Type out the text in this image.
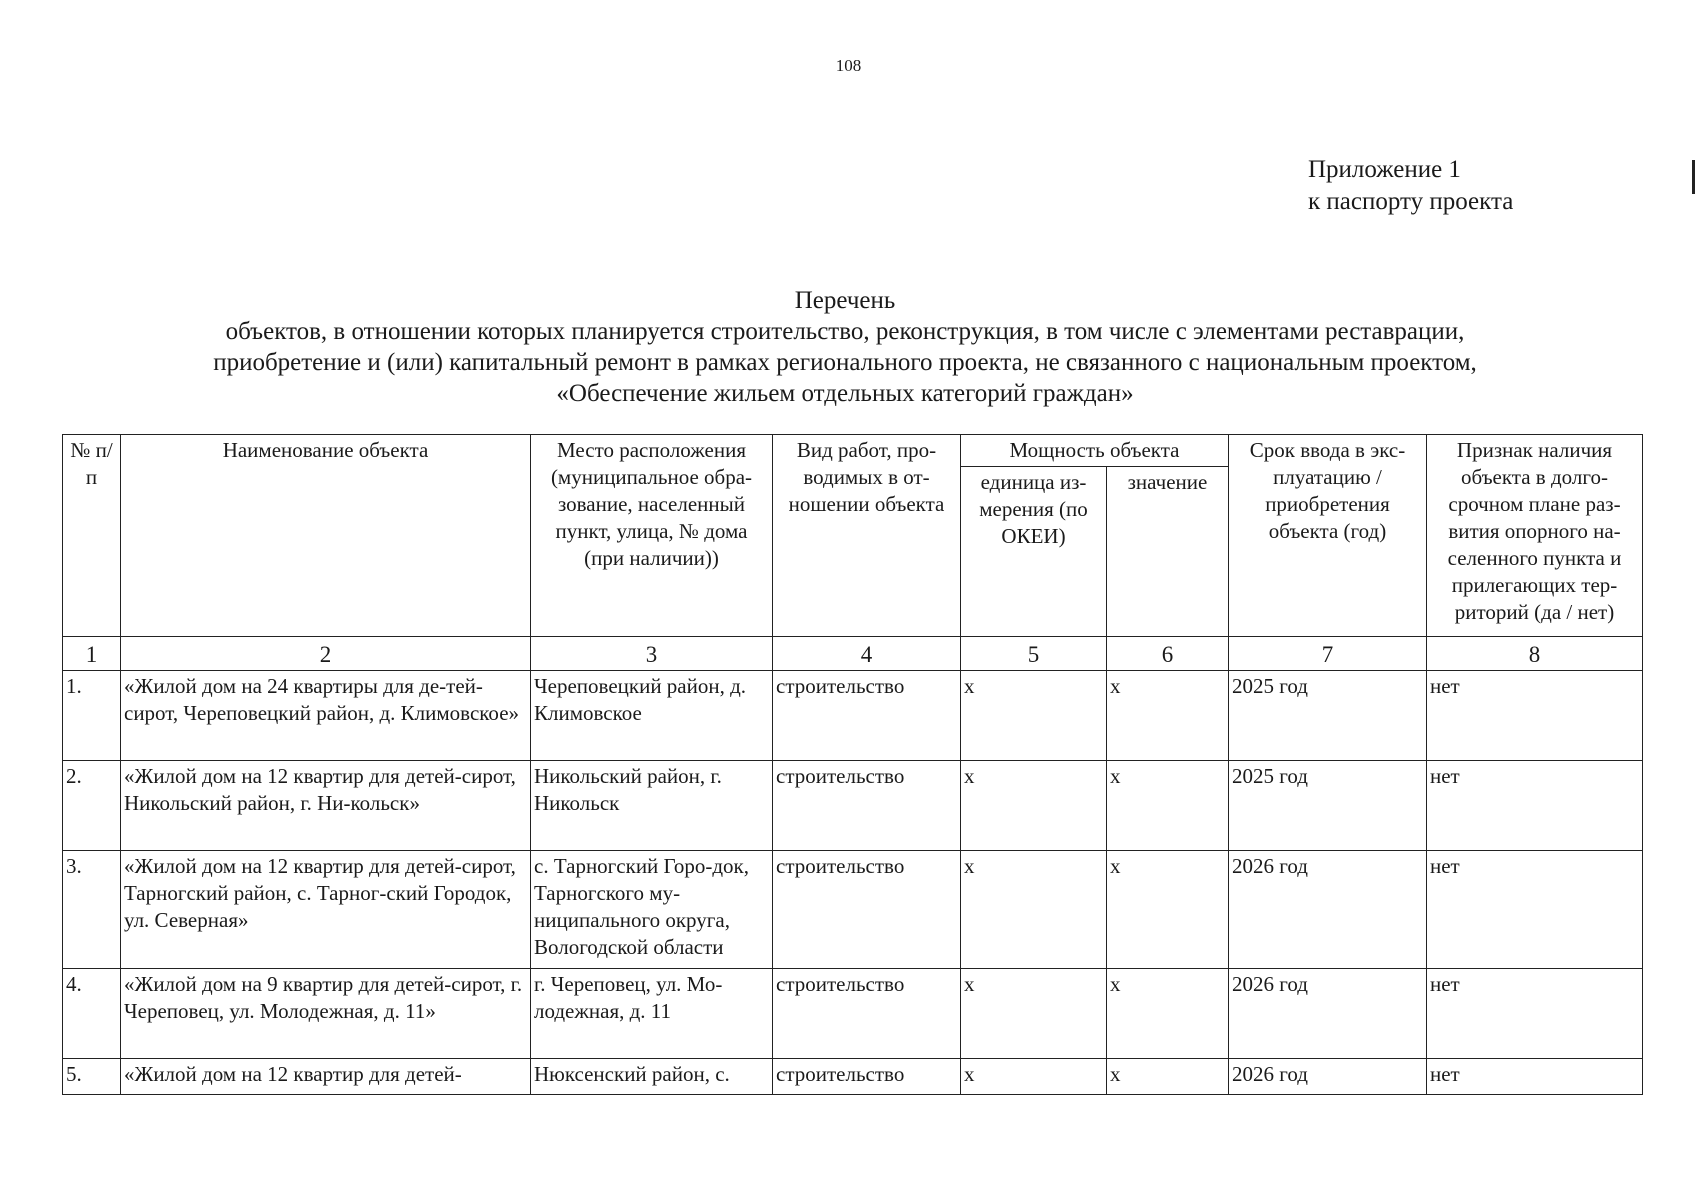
108
Приложение 1
к паспорту проекта
Перечень
объектов, в отношении которых планируется строительство, реконструкция, в том числе с элементами реставрации,
приобретение и (или) капитальный ремонт в рамках регионального проекта, не связанного с национальным проектом,
«Обеспечение жильем отдельных категорий граждан»
№ п/п	Наименование объекта	Место расположения (муниципальное обра-зование, населенный пункт, улица, № дома (при наличии))	Вид работ, про-водимых в от-ношении объекта	Мощность объекта		Срок ввода в экс-плуатацию / приобретения объекта (год)	Признак наличия объекта в долго-срочном плане раз-вития опорного на-селенного пункта и прилегающих тер-риторий (да / нет)
				единица из-мерения (по ОКЕИ)	значение		
1	2	3	4	5	6	7	8
1.	«Жилой дом на 24 квартиры для де-тей-сирот, Череповецкий район, д. Климовское»	Череповецкий район, д. Климовское	строительство	х	х	2025 год	нет
2.	«Жилой дом на 12 квартир для детей-сирот, Никольский район, г. Ни-кольск»	Никольский район, г. Никольск	строительство	х	х	2025 год	нет
3.	«Жилой дом на 12 квартир для детей-сирот, Тарногский район, с. Тарног-ский Городок, ул. Северная»	с. Тарногский Горо-док, Тарногского му-ниципального округа, Вологодской области	строительство	х	х	2026 год	нет
4.	«Жилой дом на 9 квартир для детей-сирот, г. Череповец, ул. Молодежная, д. 11»	г. Череповец, ул. Мо-лодежная, д. 11	строительство	х	х	2026 год	нет
5.	«Жилой дом на 12 квартир для детей-	Нюксенский район, с.	строительство	х	х	2026 год	нет
